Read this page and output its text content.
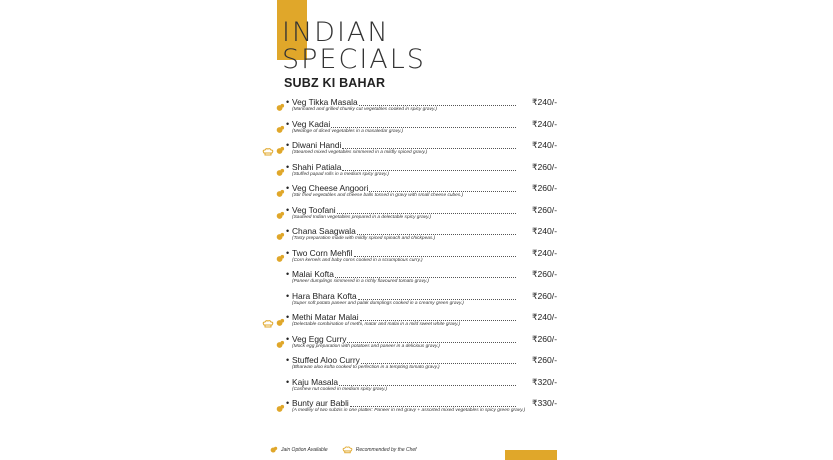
INDIAN
SPECIALS
SUBZ KI BAHAR
• Veg Tikka Masala
(Marinated and grilled chunky cut vegetables cooked in spicy gravy.)
₹240/-
• Veg Kadai
(Melange of diced vegetables in a masaledar gravy.)
₹240/-
• Diwani Handi
(Steamed mixed vegetables simmered in a mildly spiced gravy.)
₹240/-
• Shahi Patiala
(Stuffed papad rolls in a medium spicy gravy.)
₹260/-
• Veg Cheese Angoori
(Stir fried vegetables and cheese balls tossed in gravy with small cheese cubes.)
₹260/-
• Veg Toofani
(Sauteed Indian vegetables prepared in a delectable spicy gravy.)
₹260/-
• Chana Saagwala
(Tasty preparation made with mildly spiced spinach and chickpeas.)
₹240/-
• Two Corn Mehfil
(Corn kernels and baby corns cooked in a scrumptious curry.)
₹240/-
• Malai Kofta
(Paneer dumplings simmered in a richly flavoured tomato gravy.)
₹260/-
• Hara Bhara Kofta
(Super soft potato paneer and palak dumplings cooked in a creamy green gravy.)
₹260/-
• Methi Matar Malai
(Delectable combination of methi, matar and malai in a mild sweet white gravy.)
₹240/-
• Veg Egg Curry
(Mock egg preparation with potatoes and paneer in a delicious gravy.)
₹260/-
• Stuffed Aloo Curry
(Bharwan aloo kofta cooked to perfection in a tempting tomato gravy.)
₹260/-
• Kaju Masala
(Cashew nut cooked in medium spicy gravy.)
₹320/-
• Bunty aur Babli
(A medley of two subzis in one platter: Paneer in red gravy + assorted mixed vegetables in spicy green gravy.)
₹330/-
Jain Option Available	Recommended by the Chef
